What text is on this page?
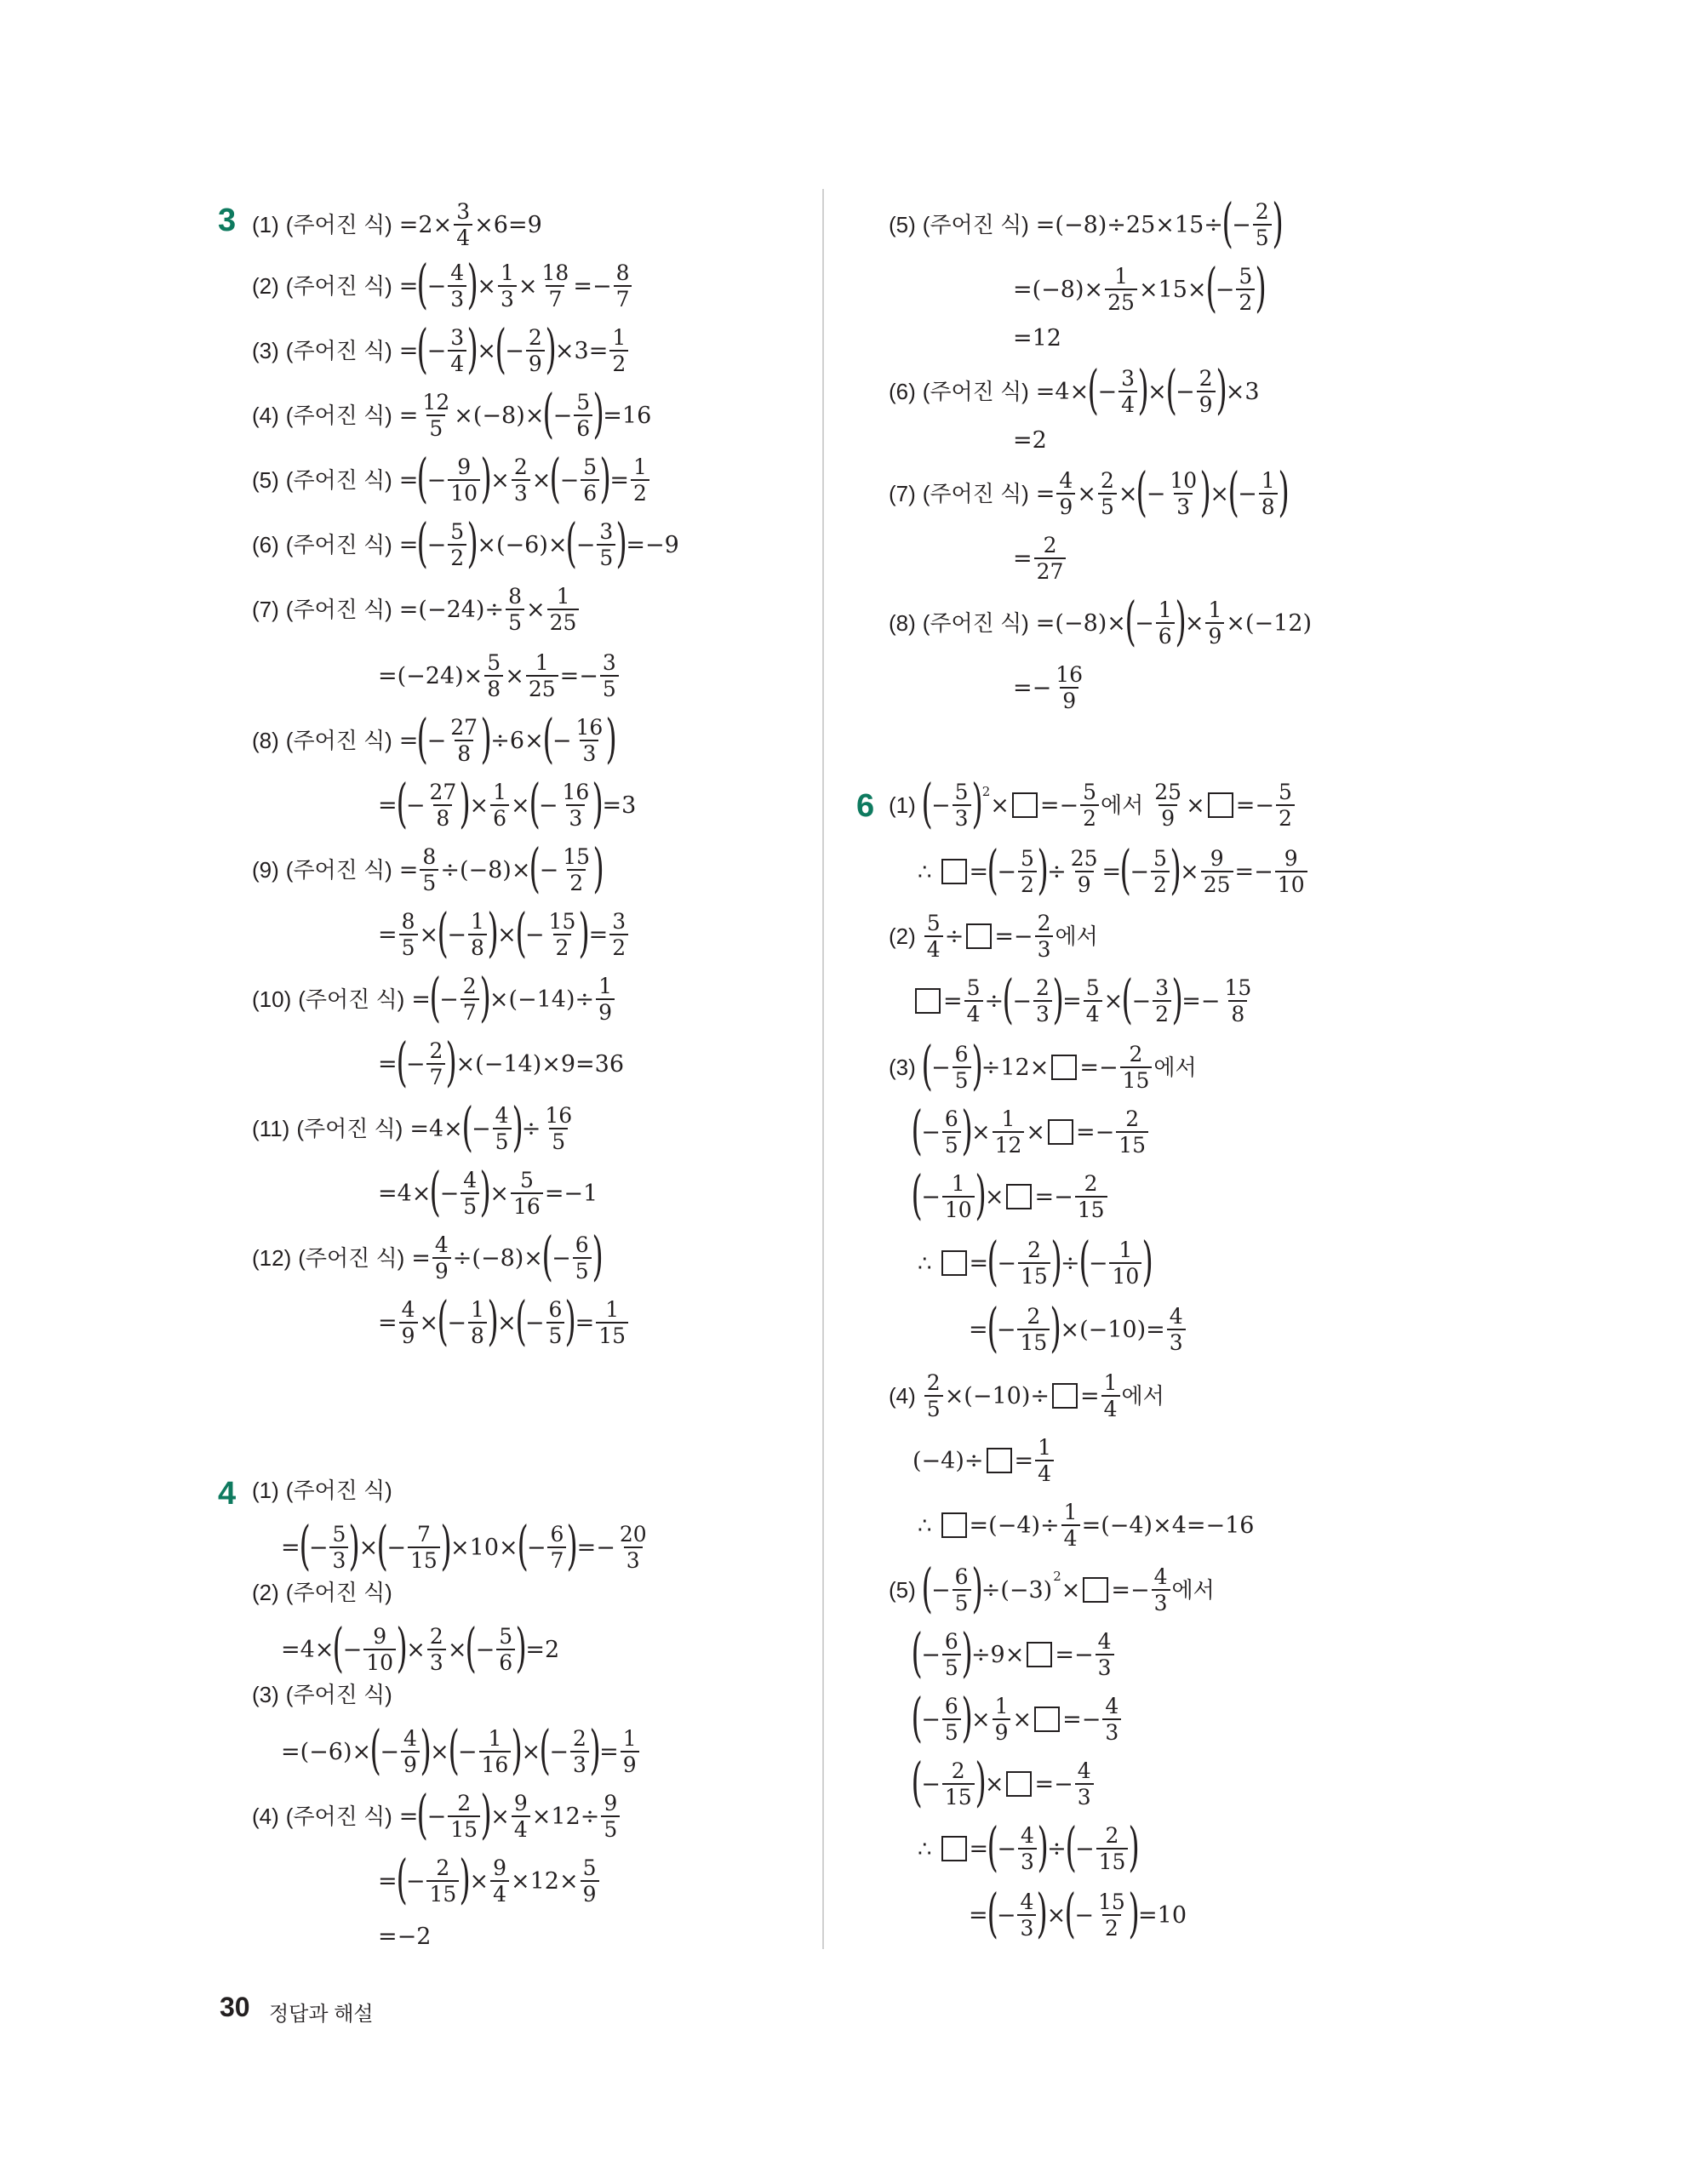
3 (1) (주어진 식) $=2\times \frac{3}{4} \times 6=9$
(2) (주어진 식) =
(
− $\frac{4}{3}$ )
× $\frac{1}{3} \times \frac{18}{7} =- \frac{8}{7}$
(3) (주어진 식) =
(
− $\frac{3}{4}$ )
×
(
− $\frac{2}{9}$ )
$\times 3= \frac{1}{2}$
(4) (주어진 식) = $\frac{12}{5} \times(-8)\times$
(
− $\frac{5}{6}$ )
=16
(5) (주어진 식) =
(
− $\frac{9}{10}$ )
× $\frac{2}{3}$ ×
(
− $\frac{5}{6}$ )
= $\frac{1}{2}$
(6) (주어진 식) =
(
− $\frac{5}{2}$ )
×(−6)×
(
− $\frac{3}{5}$ )
=−9
(7) (주어진 식) $=(-24)\div \frac{8}{5} \times \frac{1}{25}$
$=(-24)\times \frac{5}{8} \times \frac{1}{25} =- \frac{3}{5}$
(8) (주어진 식) =
(
− $\frac{27}{8}$ )
÷6×
(
− $\frac{16}{3}$ )
=
(
− $\frac{27}{8}$ )
× $\frac{1}{6}$ ×
(
− $\frac{16}{3}$ )
=3
(9) (주어진 식) = $\frac{8}{5} \div(-8)\times$
(
− $\frac{15}{2}$ )
= $\frac{8}{5}$ ×
(
− $\frac{1}{8}$ )
×
(
− $\frac{15}{2}$ )
= $\frac{3}{2}$
(10) (주어진 식) =
(
− $\frac{2}{7}$ )
$\times(-14)\div \frac{1}{9}$
=
(
− $\frac{2}{7}$ )
×(−14)×9=36
(11) (주어진 식) =4×
(
− $\frac{4}{5}$ )
÷ $\frac{16}{5}$
=4×
(
− $\frac{4}{5}$ )
× $\frac{5}{16} =-1$
(12) (주어진 식) = $\frac{4}{9} \div(-8)\times$
(
− $\frac{6}{5}$ )
= $\frac{4}{9}$ ×
(
− $\frac{1}{8}$ )
×
(
− $\frac{6}{5}$ )
= $\frac{1}{15}$
4 (1) (주어진 식)
=
(
− $\frac{5}{3}$ )
×
(
− $\frac{7}{15}$ )
×10×
(
− $\frac{6}{7}$ )
=− $\frac{20}{3}$
(2) (주어진 식)
=4×
(
− $\frac{9}{10}$ )
× $\frac{2}{3}$ ×
(
− $\frac{5}{6}$ )
=2
(3) (주어진 식)
=(−6)×
(
− $\frac{4}{9}$ )
×
(
− $\frac{1}{16}$ )
×
(
− $\frac{2}{3}$ )
= $\frac{1}{9}$
(4) (주어진 식) =
(
− $\frac{2}{15}$ )
× $\frac{9}{4} \times 12\div \frac{9}{5}$
=
(
− $\frac{2}{15}$ )
× $\frac{9}{4} \times 12\times \frac{5}{9}$
=−2
(5) (주어진 식) =(−8)÷25×15÷
(
− $\frac{2}{5}$ )
$=(-8)\times \frac{1}{25} \times 15\times$
(
− $\frac{5}{2}$ )
=12
(6) (주어진 식) =4×
(
− $\frac{3}{4}$ )
×
(
− $\frac{2}{9}$ )
×3
=2
(7) (주어진 식) = $\frac{4}{9} \times \frac{2}{5}$ ×
(
− $\frac{10}{3}$ )
×
(
− $\frac{1}{8}$ )
= $\frac{2}{27}$
(8) (주어진 식) =(−8)×
(
− $\frac{1}{6}$ )
× $\frac{1}{9} \times(-12)$
=− $\frac{16}{9}$
6 (1) (
− $\frac{5}{3}$ ) 2
× =− $\frac{5}{2}$ 에서 $\frac{25}{9}$ × =− $\frac{5}{2}$
∴ =
(
− $\frac{5}{2}$ )
÷ $\frac{25}{9}$ =
(
− $\frac{5}{2}$ )
× $\frac{9}{25} =- \frac{9}{10}$
$(2) \frac{5}{4}$ ÷ =− $\frac{2}{3}$ 에서
= $\frac{5}{4}$ ÷
(
− $\frac{2}{3}$ )
= $\frac{5}{4}$ ×
(
− $\frac{3}{2}$ )
=− $\frac{15}{8}$
(3) (
− $\frac{6}{5}$ )
$\div 12\times =- \frac{2}{15}$ 에서
(
− $\frac{6}{5}$ )
× $\frac{1}{12}$ × =− $\frac{2}{15}$
(
− $\frac{1}{10}$ )
× =− $\frac{2}{15}$
∴ =
(
− $\frac{2}{15}$ )
÷
(
− $\frac{1}{10}$ )
=
(
− $\frac{2}{15}$ )
$\times(-10)= \frac{4}{3}$
$(4) \frac{2}{5} \times(-10)\div = \frac{1}{4}$ 에서
$(-4)\div = \frac{1}{4}$
∴ $=(-4)\div \frac{1}{4} =(-4)\times 4=-16$
(5) (
− $\frac{6}{5}$ )
÷(−3)
2
× =− $\frac{4}{3}$ 에서
(
− $\frac{6}{5}$ )
$\div 9\times =- \frac{4}{3}$
(
− $\frac{6}{5}$ )
× $\frac{1}{9}$ × =− $\frac{4}{3}$
(
− $\frac{2}{15}$ )
× =− $\frac{4}{3}$
∴ =
(
− $\frac{4}{3}$ )
÷
(
− $\frac{2}{15}$ )
=
(
− $\frac{4}{3}$ )
×
(
− $\frac{15}{2}$ )
=10
30 정답과 해설
